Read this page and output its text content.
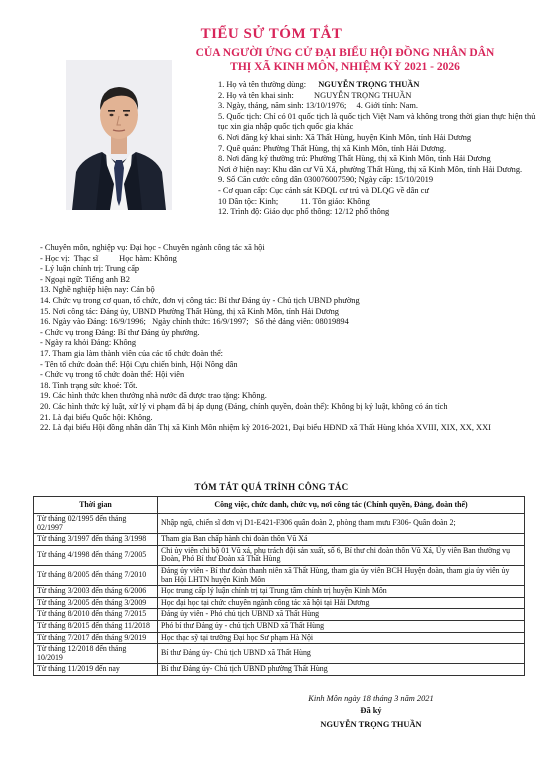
TIỂU SỬ TÓM TẮT
CỦA NGƯỜI ỨNG CỬ ĐẠI BIỂU HỘI ĐỒNG NHÂN DÂN
THỊ XÃ KINH MÔN, NHIỆM KỲ 2021 - 2026
1. Họ và tên thường dùng: NGUYỄN TRỌNG THUẦN
2. Họ và tên khai sinh: NGUYỄN TRỌNG THUẦN
3. Ngày, tháng, năm sinh: 13/10/1976; 4. Giới tính: Nam.
5. Quốc tịch: Chỉ có 01 quốc tịch là quốc tịch Việt Nam và không trong thời gian thực hiện thủ tục xin gia nhập quốc tịch quốc gia khác
6. Nơi đăng ký khai sinh: Xã Thất Hùng, huyện Kinh Môn, tỉnh Hải Dương
7. Quê quán: Phường Thất Hùng, thị xã Kinh Môn, tỉnh Hải Dương.
8. Nơi đăng ký thường trú: Phường Thất Hùng, thị xã Kinh Môn, tỉnh Hải Dương
Nơi ở hiện nay: Khu dân cư Vũ Xá, phường Thất Hùng, thị xã Kinh Môn, tỉnh Hải Dương.
9. Số Căn cước công dân 030076007590; Ngày cấp: 15/10/2019
- Cơ quan cấp: Cục cảnh sát KĐQL cư trú và DLQG về dân cư
10 Dân tộc: Kinh;	11. Tôn giáo: Không
12. Trình độ: Giáo dục phổ thông: 12/12 phổ thông
- Chuyên môn, nghiệp vụ: Đại học - Chuyên ngành công tác xã hội
- Học vị:  Thạc sĩ          Học hàm: Không
- Lý luận chính trị: Trung cấp
- Ngoại ngữ: Tiếng anh B2
13. Nghề nghiệp hiện nay: Cán bộ
14. Chức vụ trong cơ quan, tổ chức, đơn vị công tác: Bí thư Đảng ủy - Chủ tịch UBND phường
15. Nơi công tác: Đảng ủy, UBND Phường Thất Hùng, thị xã Kinh Môn, tỉnh Hải Dương
16. Ngày vào Đảng: 16/9/1996;   Ngày chính thức: 16/9/1997;   Số thẻ đảng viên: 08019894
- Chức vụ trong Đảng: Bí thư Đảng ủy phường.
- Ngày ra khỏi Đảng: Không
17. Tham gia làm thành viên của các tổ chức đoàn thể:
- Tên tổ chức đoàn thể: Hội Cựu chiến binh, Hội Nông dân
- Chức vụ trong tổ chức đoàn thể: Hội viên
18. Tình trạng sức khoẻ: Tốt.
19. Các hình thức khen thưởng nhà nước đã được trao tặng: Không.
20. Các hình thức kỷ luật, xử lý vi phạm đã bị áp dụng (Đảng, chính quyền, đoàn thể): Không bị kỷ luật, không có án tích
21. Là đại biểu Quốc hội: Không.
22. Là đại biểu Hội đồng nhân dân Thị xã Kinh Môn nhiệm kỳ 2016-2021, Đại biểu HĐND xã Thất Hùng khóa XVIII, XIX, XX, XXI
TÓM TẮT QUÁ TRÌNH CÔNG TÁC
Thời gian	Công việc, chức danh, chức vụ, nơi công tác (Chính quyền, Đảng, đoàn thể)
Từ tháng 02/1995 đến tháng 02/1997	Nhập ngũ, chiến sĩ đơn vị D1-E421-F306 quân đoàn 2, phòng tham mưu F306- Quân đoàn 2;
Từ tháng 3/1997 đến tháng 3/1998	Tham gia Ban chấp hành chi đoàn thôn Vũ Xá
Từ tháng 4/1998 đến tháng 7/2005	Chi ủy viên chi bộ 01 Vũ xá, phụ trách đội sản xuất, số 6, Bí thư chi đoàn thôn Vũ Xá, Ủy viên Ban thường vụ Đoàn, Phó Bí thư Đoàn xã Thất Hùng
Từ tháng 8/2005 đến tháng 7/2010	Đảng ủy viên - Bí thư đoàn thanh niên xã Thất Hùng, tham gia ủy viên BCH Huyện đoàn, tham gia ủy viên ủy ban Hội LHTN huyện Kinh Môn
Từ tháng 3/2003 đến tháng 6/2006	Học trung cấp lý luận chính trị tại Trung tâm chính trị huyện Kinh Môn
Từ tháng 3/2005 đến tháng 3/2009	Học đại học tại chức chuyên ngành công tác xã hội tại Hải Dương
Từ tháng 8/2010 đến tháng 7/2015	Đảng ủy viên - Phó chủ tịch UBND xã Thất Hùng
Từ tháng 8/2015 đến tháng 11/2018	Phó bí thư Đảng ủy - chủ tịch UBND xã Thất Hùng
Từ tháng 7/2017 đến tháng 9/2019	Học thạc sỹ tại trường Đại học Sư phạm Hà Nội
Từ tháng 12/2018 đến tháng 10/2019	Bí thư Đảng ủy- Chủ tịch UBND xã Thất Hùng
Từ tháng 11/2019 đến nay	Bí thư Đảng ủy- Chủ tịch UBND phường Thất Hùng
Kinh Môn ngày 18 tháng 3 năm 2021
Đã ký
NGUYỄN TRỌNG THUẦN
